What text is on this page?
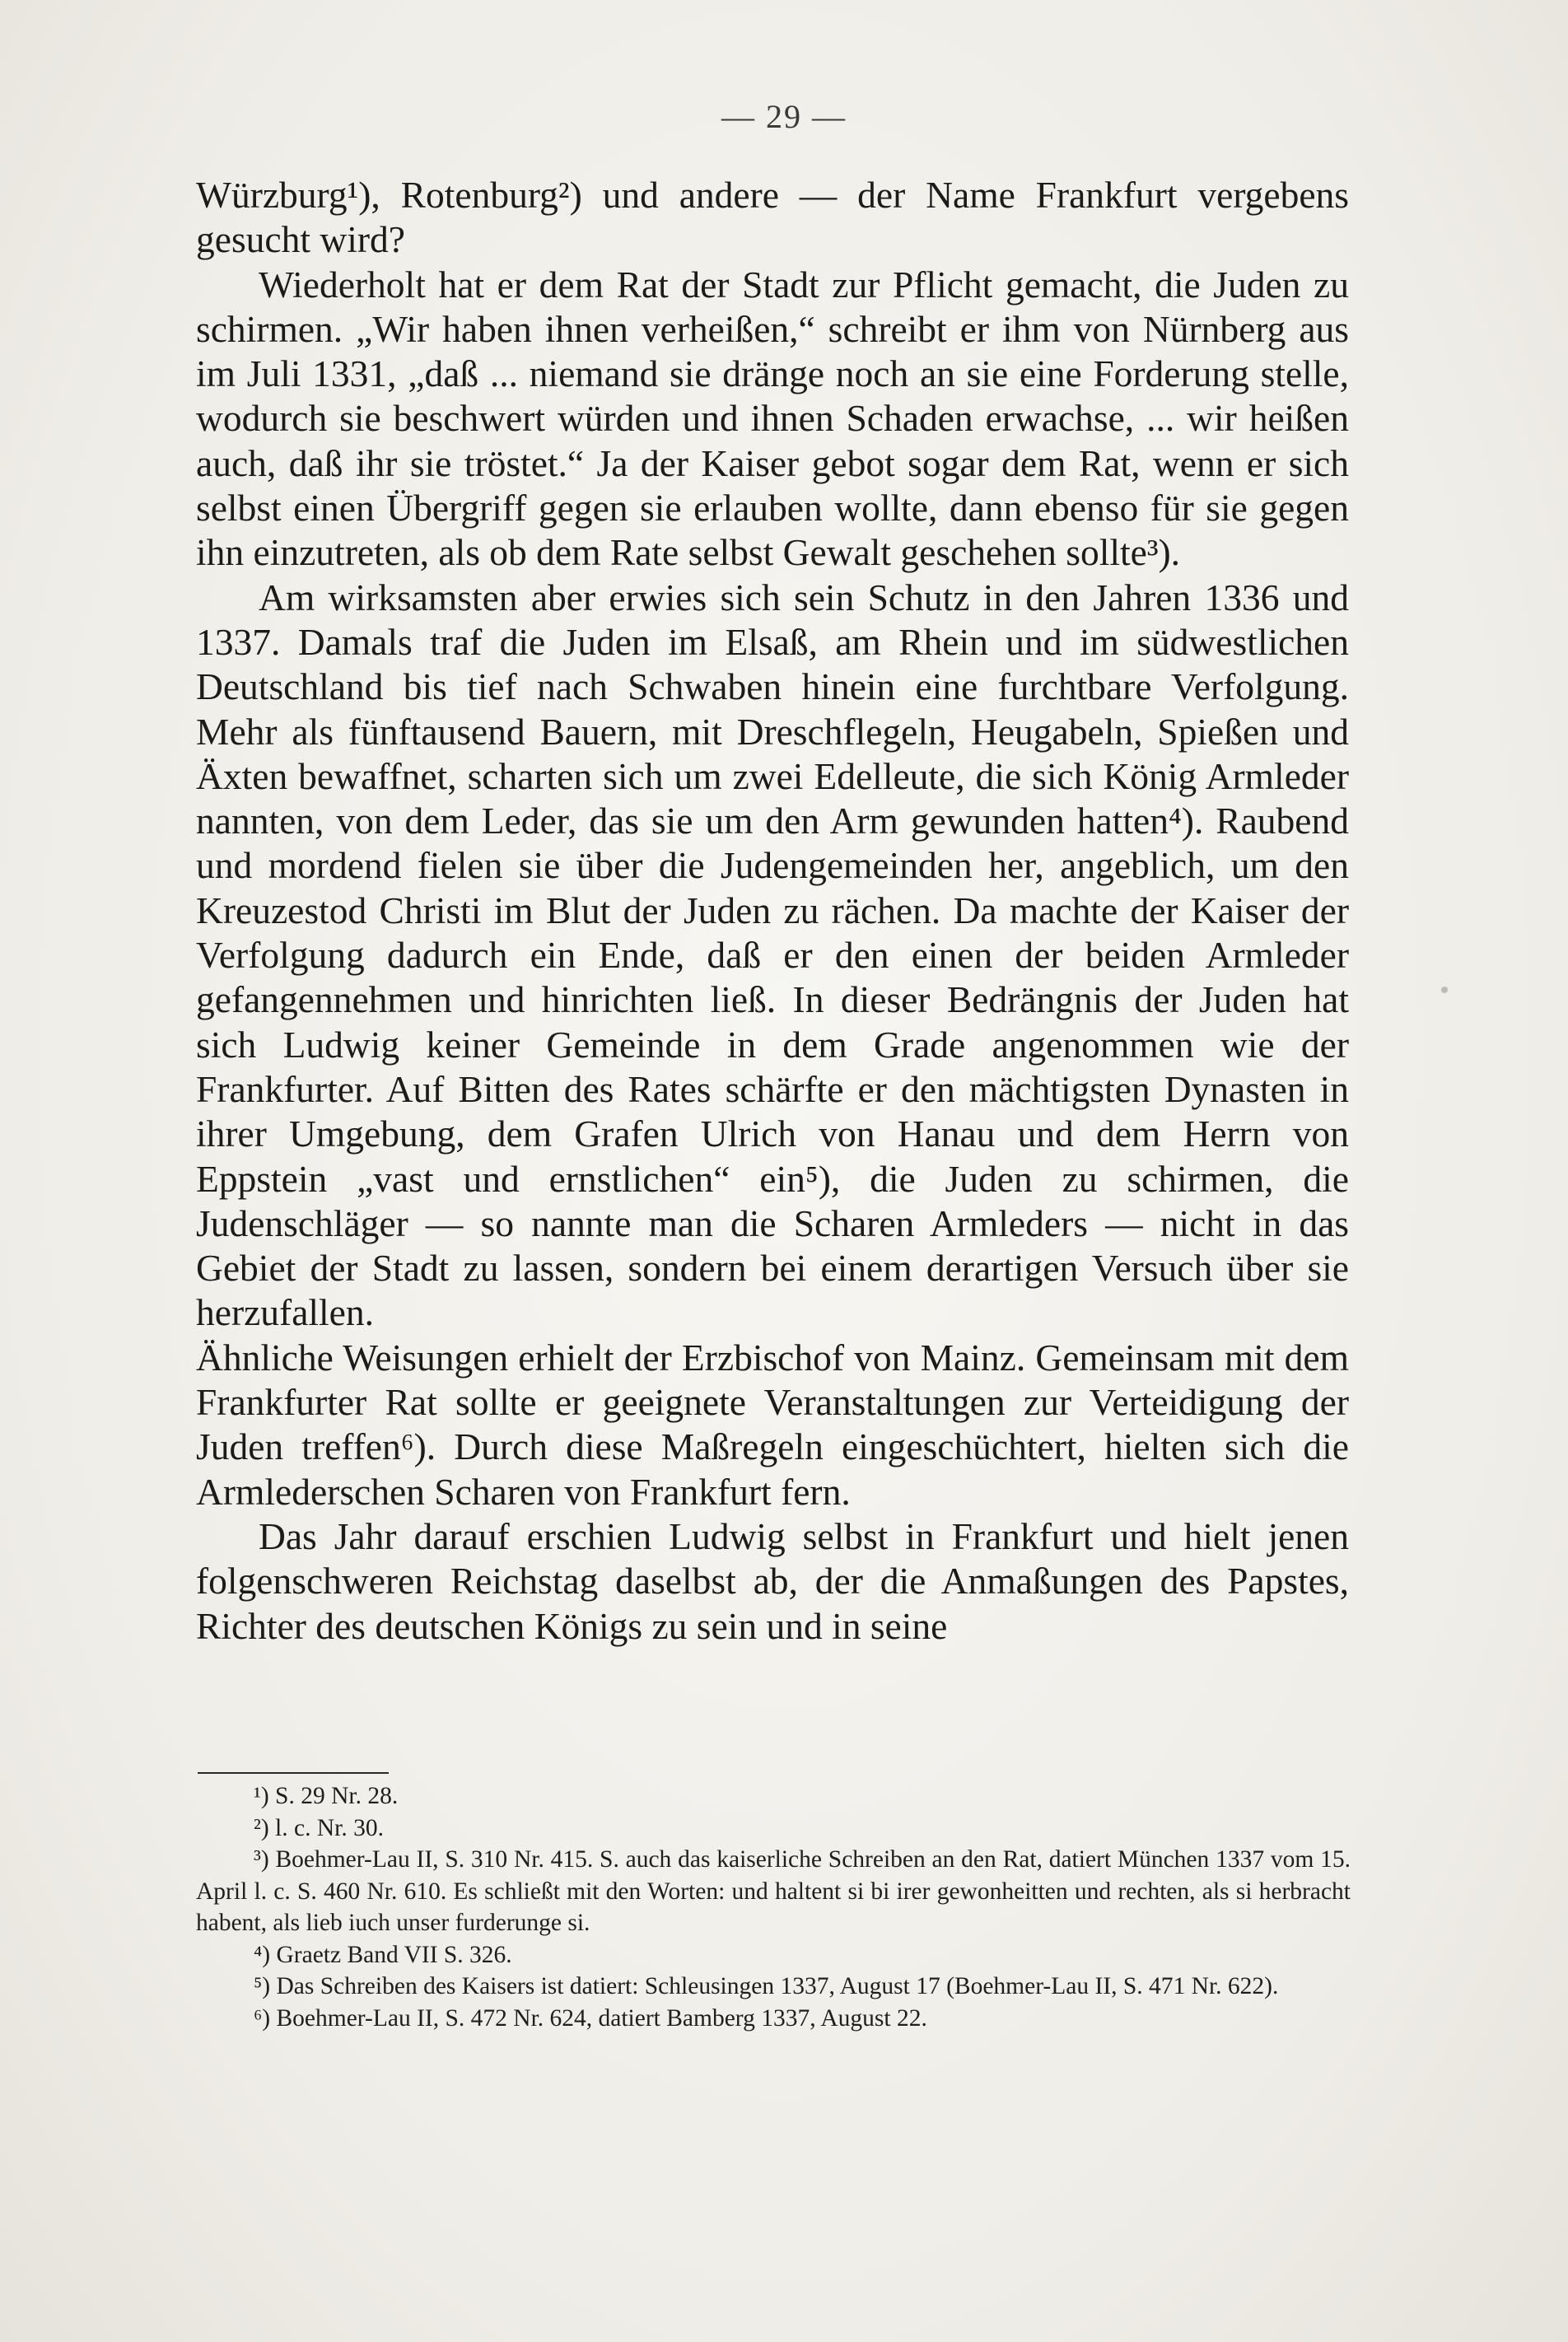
— 29 —

Würzburg¹), Rotenburg²) und andere — der Name Frankfurt vergebens gesucht wird?

Wiederholt hat er dem Rat der Stadt zur Pflicht gemacht, die Juden zu schirmen. „Wir haben ihnen verheißen,“ schreibt er ihm von Nürnberg aus im Juli 1331, „daß ... niemand sie dränge noch an sie eine Forderung stelle, wodurch sie beschwert würden und ihnen Schaden erwachse, ... wir heißen auch, daß ihr sie tröstet.“ Ja der Kaiser gebot sogar dem Rat, wenn er sich selbst einen Übergriff gegen sie erlauben wollte, dann ebenso für sie gegen ihn einzutreten, als ob dem Rate selbst Gewalt geschehen sollte³).

Am wirksamsten aber erwies sich sein Schutz in den Jahren 1336 und 1337. Damals traf die Juden im Elsaß, am Rhein und im südwestlichen Deutschland bis tief nach Schwaben hinein eine furchtbare Verfolgung. Mehr als fünftausend Bauern, mit Dreschflegeln, Heugabeln, Spießen und Äxten bewaffnet, scharten sich um zwei Edelleute, die sich König Armleder nannten, von dem Leder, das sie um den Arm gewunden hatten⁴). Raubend und mordend fielen sie über die Judengemeinden her, angeblich, um den Kreuzestod Christi im Blut der Juden zu rächen. Da machte der Kaiser der Verfolgung dadurch ein Ende, daß er den einen der beiden Armleder gefangennehmen und hinrichten ließ. In dieser Bedrängnis der Juden hat sich Ludwig keiner Gemeinde in dem Grade angenommen wie der Frankfurter. Auf Bitten des Rates schärfte er den mächtigsten Dynasten in ihrer Umgebung, dem Grafen Ulrich von Hanau und dem Herrn von Eppstein „vast und ernstlichen“ ein⁵), die Juden zu schirmen, die Judenschläger — so nannte man die Scharen Armleders — nicht in das Gebiet der Stadt zu lassen, sondern bei einem derartigen Versuch über sie herzufallen.

Ähnliche Weisungen erhielt der Erzbischof von Mainz. Gemeinsam mit dem Frankfurter Rat sollte er geeignete Veranstaltungen zur Verteidigung der Juden treffen⁶). Durch diese Maßregeln eingeschüchtert, hielten sich die Armlederschen Scharen von Frankfurt fern.

Das Jahr darauf erschien Ludwig selbst in Frankfurt und hielt jenen folgenschweren Reichstag daselbst ab, der die Anmaßungen des Papstes, Richter des deutschen Königs zu sein und in seine

¹) S. 29 Nr. 28.

²) l. c. Nr. 30.

³) Boehmer-Lau II, S. 310 Nr. 415. S. auch das kaiserliche Schreiben an den Rat, datiert München 1337 vom 15. April l. c. S. 460 Nr. 610. Es schließt mit den Worten: und haltent si bi irer gewonheitten und rechten, als si herbracht habent, als lieb iuch unser furderunge si.

⁴) Graetz Band VII S. 326.

⁵) Das Schreiben des Kaisers ist datiert: Schleusingen 1337, August 17 (Boehmer-Lau II, S. 471 Nr. 622).

⁶) Boehmer-Lau II, S. 472 Nr. 624, datiert Bamberg 1337, August 22.
